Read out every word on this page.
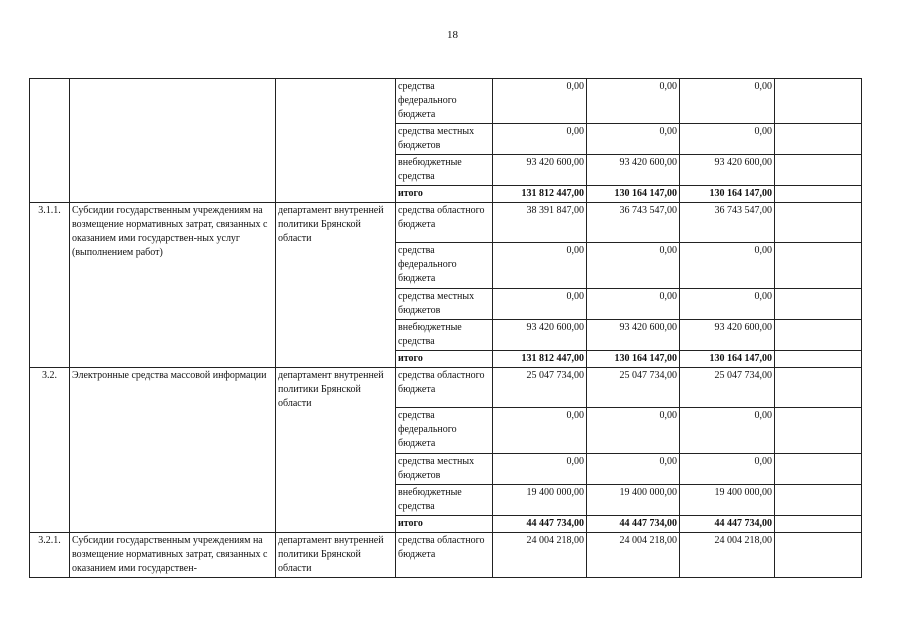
18
			средства федерального бюджета	0,00	0,00	0,00	
			средства местных бюджетов	0,00	0,00	0,00	
			внебюджетные средства	93 420 600,00	93 420 600,00	93 420 600,00	
			итого	131 812 447,00	130 164 147,00	130 164 147,00	
3.1.1.	Субсидии государственным учреждениям на возмещение нормативных затрат, связанных с оказанием ими государствен-ных услуг (выполнением работ)	департамент внутренней политики Брянской области	средства областного бюджета	38 391 847,00	36 743 547,00	36 743 547,00	
			средства федерального бюджета	0,00	0,00	0,00	
			средства местных бюджетов	0,00	0,00	0,00	
			внебюджетные средства	93 420 600,00	93 420 600,00	93 420 600,00	
			итого	131 812 447,00	130 164 147,00	130 164 147,00	
3.2.	Электронные средства массовой информации	департамент внутренней политики Брянской области	средства областного бюджета	25 047 734,00	25 047 734,00	25 047 734,00	
			средства федерального бюджета	0,00	0,00	0,00	
			средства местных бюджетов	0,00	0,00	0,00	
			внебюджетные средства	19 400 000,00	19 400 000,00	19 400 000,00	
			итого	44 447 734,00	44 447 734,00	44 447 734,00	
3.2.1.	Субсидии государственным учреждениям на возмещение нормативных затрат, связанных с оказанием ими государствен-	департамент внутренней политики Брянской области	средства областного бюджета	24 004 218,00	24 004 218,00	24 004 218,00	
